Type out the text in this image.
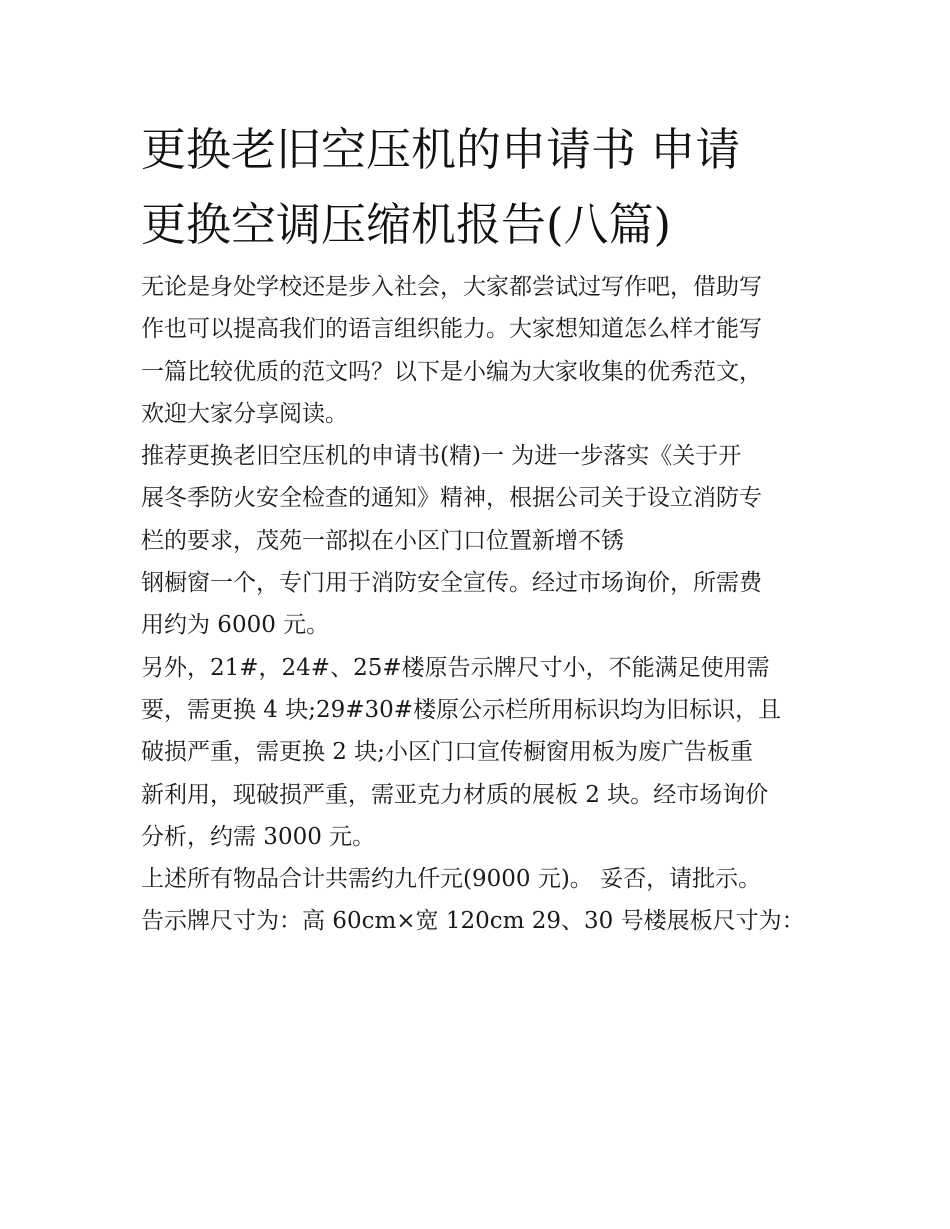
更换老旧空压机的申请书 申请
更换空调压缩机报告(八篇)

无论是身处学校还是步入社会，大家都尝试过写作吧，借助写
作也可以提高我们的语言组织能力。大家想知道怎么样才能写
一篇比较优质的范文吗？以下是小编为大家收集的优秀范文，
欢迎大家分享阅读。

推荐更换老旧空压机的申请书(精)一 为进一步落实《关于开
展冬季防火安全检查的通知》精神，根据公司关于设立消防专
栏的要求，茂苑一部拟在小区门口位置新增不锈
钢橱窗一个，专门用于消防安全宣传。经过市场询价，所需费
用约为 6000 元。

另外，21#，24#、25#楼原告示牌尺寸小，不能满足使用需
要，需更换 4 块;29#30#楼原公示栏所用标识均为旧标识，且
破损严重，需更换 2 块;小区门口宣传橱窗用板为废广告板重
新利用，现破损严重，需亚克力材质的展板 2 块。经市场询价
分析，约需 3000 元。

上述所有物品合计共需约九仟元(9000 元)。 妥否，请批示。

告示牌尺寸为：高 60cm×宽 120cm 29、30 号楼展板尺寸为：
